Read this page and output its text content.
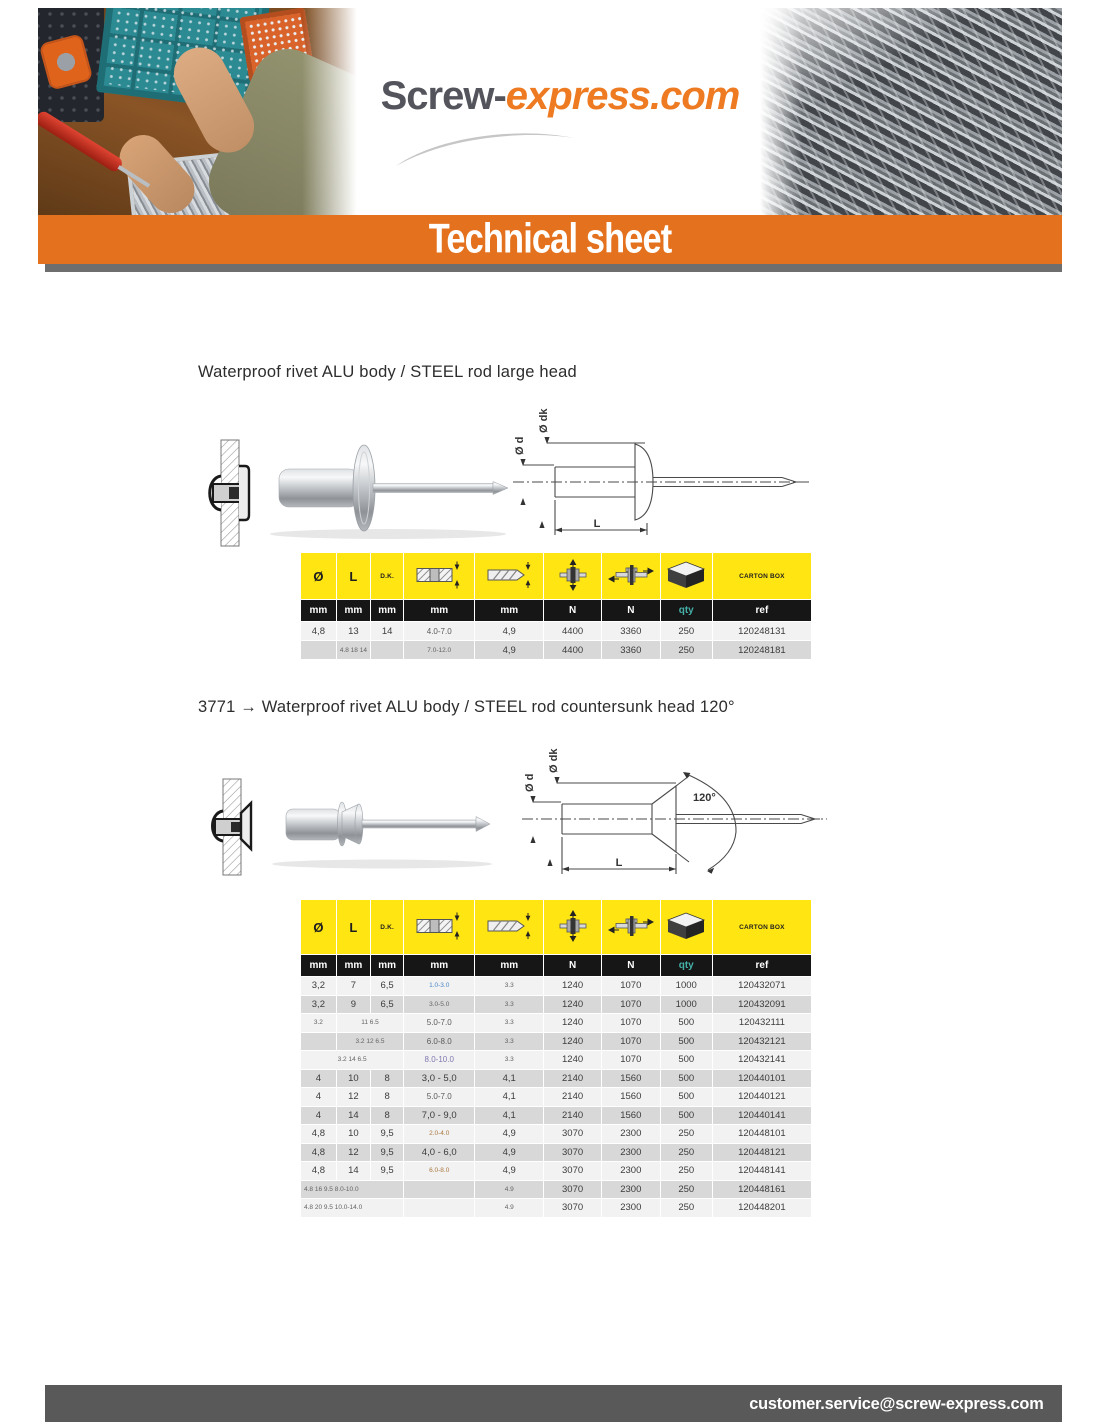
Screw-express.com
Technical sheet
Waterproof rivet ALU body / STEEL rod large head
Ø dk
Ø d
L
Ø	L	D.K.						CARTON BOX
mm	mm	mm	mm	mm	N	N	qty	ref
4,8	13	14	4.0-7.0	4,9	4400	3360	250	120248131
	4.8 18 14		7.0-12.0	4,9	4400	3360	250	120248181
3771 → Waterproof rivet ALU body / STEEL rod countersunk head 120°
Ø dk
Ø d
L
120°
Ø	L	D.K.						CARTON BOX
mm	mm	mm	mm	mm	N	N	qty	ref
3,2	7	6,5	1.0-3.0	3.3	1240	1070	1000	120432071
3,2	9	6,5	3.0-5.0	3.3	1240	1070	1000	120432091
3.2	11 6.5		5.0-7.0	3.3	1240	1070	500	120432111
	3.2 12 6.5		6.0-8.0	3.3	1240	1070	500	120432121
3.2 14 6.5			8.0-10.0	3.3	1240	1070	500	120432141
4	10	8	3,0 - 5,0	4,1	2140	1560	500	120440101
4	12	8	5.0-7.0	4,1	2140	1560	500	120440121
4	14	8	7,0 - 9,0	4,1	2140	1560	500	120440141
4,8	10	9,5	2.0-4.0	4,9	3070	2300	250	120448101
4,8	12	9,5	4,0 - 6,0	4,9	3070	2300	250	120448121
4,8	14	9,5	6.0-8.0	4,9	3070	2300	250	120448141
4.8 16 9.5 8.0-10.0				4.9	3070	2300	250	120448161
4.8 20 9.5 10.0-14.0				4.9	3070	2300	250	120448201
customer.service@screw-express.com
